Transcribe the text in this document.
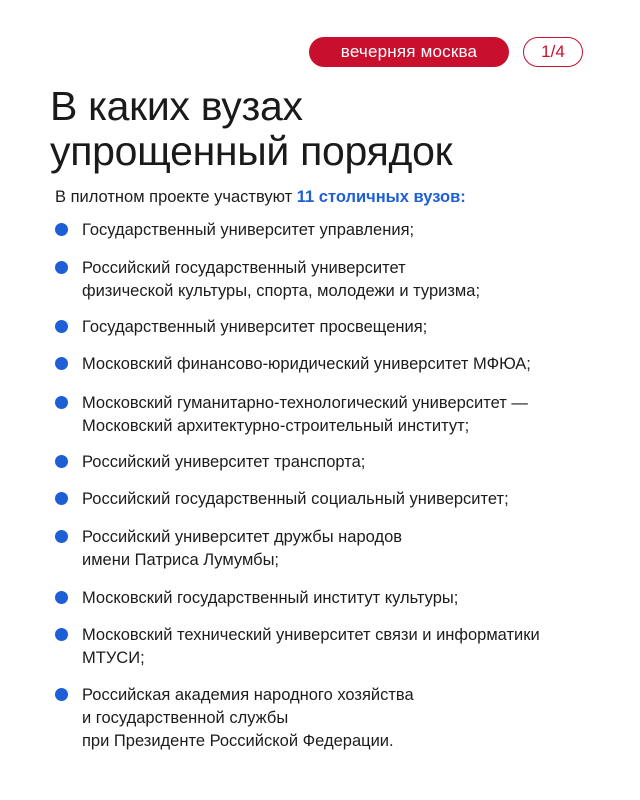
вечерняя москва	1/4
В каких вузах
упрощенный порядок
В пилотном проекте участвуют 11 столичных вузов:
Государственный университет управления;
Российский государственный университет
физической культуры, спорта, молодежи и туризма;
Государственный университет просвещения;
Московский финансово-юридический университет МФЮА;
Московский гуманитарно-технологический университет —
Московский архитектурно-строительный институт;
Российский университет транспорта;
Российский государственный социальный университет;
Российский университет дружбы народов
имени Патриса Лумумбы;
Московский государственный институт культуры;
Московский технический университет связи и информатики
МТУСИ;
Российская академия народного хозяйства
и государственной службы
при Президенте Российской Федерации.
